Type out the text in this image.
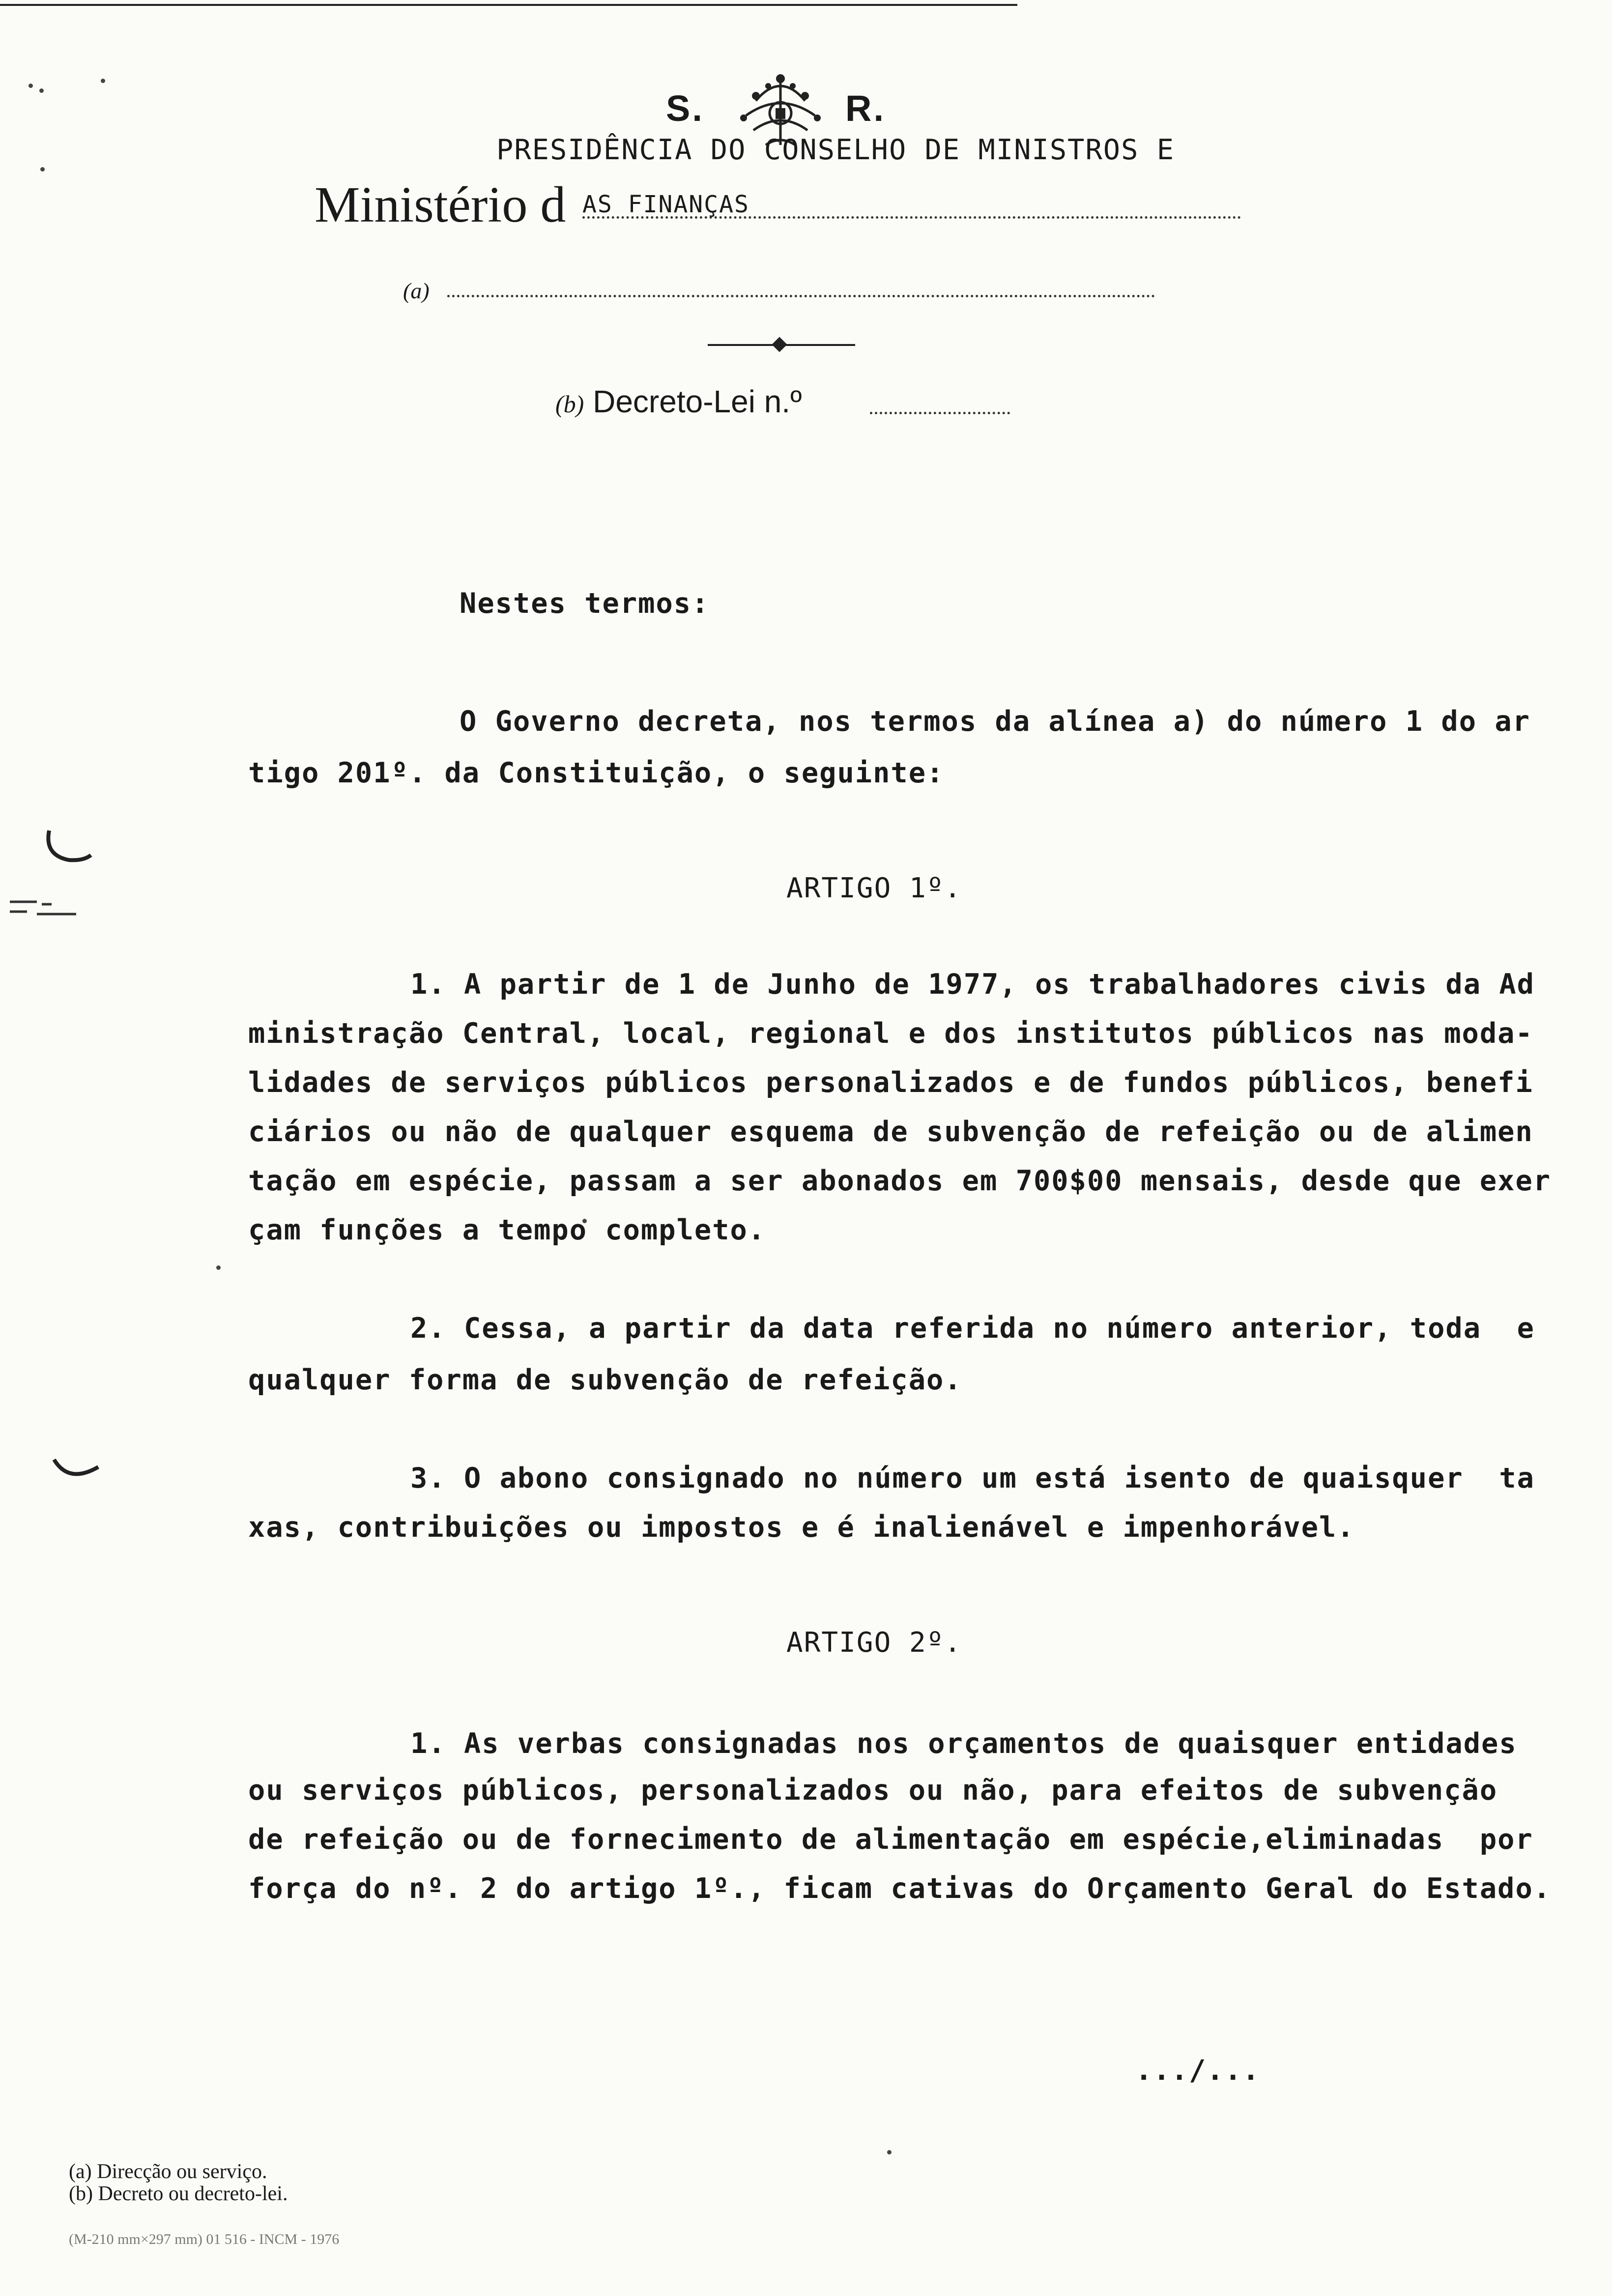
S.	R.
PRESIDÊNCIA DO CONSELHO DE MINISTROS E
Ministério d AS FINANÇAS
(a)
(b) Decreto-Lei n.º
Nestes termos:
O Governo decreta, nos termos da alínea a) do número 1 do ar
tigo 201º. da Constituição, o seguinte:
ARTIGO 1º.
1. A partir de 1 de Junho de 1977, os trabalhadores civis da Ad
ministração Central, local, regional e dos institutos públicos nas moda-
lidades de serviços públicos personalizados e de fundos públicos, benefi
ciários ou não de qualquer esquema de subvenção de refeição ou de alimen
tação em espécie, passam a ser abonados em 700$00 mensais, desde que exer
çam funções a tempo completo.
2. Cessa, a partir da data referida no número anterior, toda  e
qualquer forma de subvenção de refeição.
3. O abono consignado no número um está isento de quaisquer  ta
xas, contribuições ou impostos e é inalienável e impenhorável.
ARTIGO 2º.
1. As verbas consignadas nos orçamentos de quaisquer entidades
ou serviços públicos, personalizados ou não, para efeitos de subvenção
de refeição ou de fornecimento de alimentação em espécie,eliminadas  por
força do nº. 2 do artigo 1º., ficam cativas do Orçamento Geral do Estado.
.../...
(a) Direcção ou serviço.
(b) Decreto ou decreto-lei.
(M-210 mm×297 mm) 01 516 - INCM - 1976
